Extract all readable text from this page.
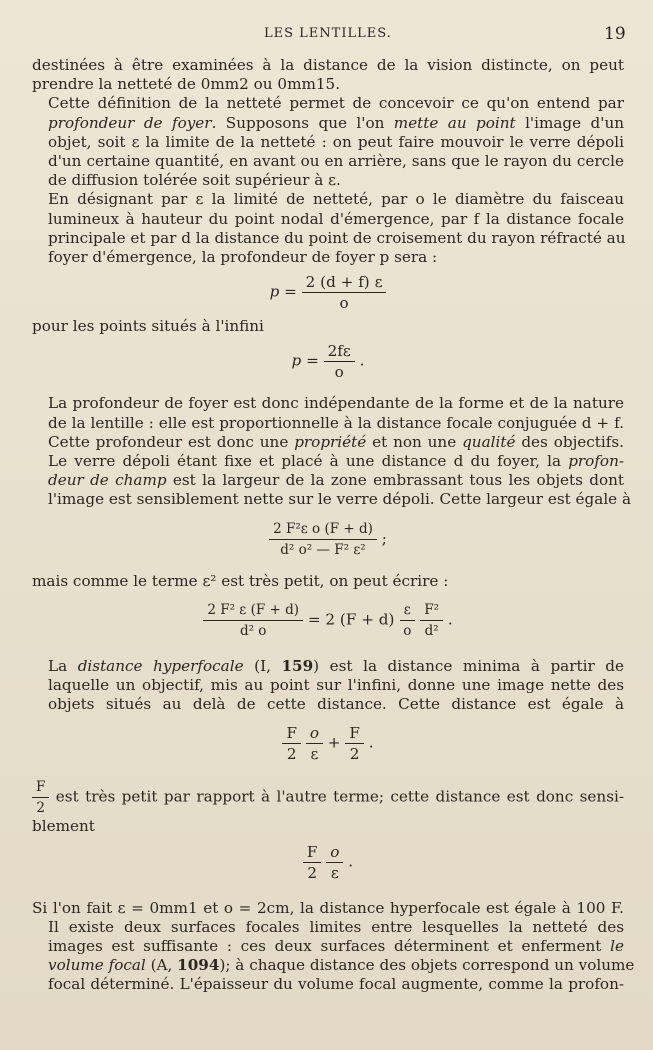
LES LENTILLES.	19

destinées à être examinées à la distance de la vision distincte, on peut
prendre la netteté de 0mm2 ou 0mm15.

Cette définition de la netteté permet de concevoir ce qu'on entend par
profondeur de foyer. Supposons que l'on mette au point l'image d'un
objet, soit ε la limite de la netteté : on peut faire mouvoir le verre dépoli
d'un certaine quantité, en avant ou en arrière, sans que le rayon du cercle
de diffusion tolérée soit supérieur à ε.

En désignant par ε la limité de netteté, par o le diamètre du faisceau
lumineux à hauteur du point nodal d'émergence, par f la distance focale
principale et par d la distance du point de croisement du rayon réfracté au
foyer d'émergence, la profondeur de foyer p sera :

$p = \frac{2 (d + f) \varepsilon}{o}$

pour les points situés à l'infini

$p = \frac{2f\varepsilon}{o}$ .

La profondeur de foyer est donc indépendante de la forme et de la nature
de la lentille : elle est proportionnelle à la distance focale conjuguée d + f.
Cette profondeur est donc une propriété et non une qualité des objectifs.

Le verre dépoli étant fixe et placé à une distance d du foyer, la profon-
deur de champ est la largeur de la zone embrassant tous les objets dont
l'image est sensiblement nette sur le verre dépoli. Cette largeur est égale à

$\frac{\text{2 F²ε o (F + d)}}{\text{d² o² — F² ε²}}$ ;

mais comme le terme ε² est très petit, on peut écrire :

$\frac{\text{2 F² ε (F + d)}}{\text{d² o}} = 2$ $(F + d) \frac{\varepsilon}{o}$
$\frac{\text{F²}}{\text{d²}}$ .

La distance hyperfocale (I, 159) est la distance minima à partir de
laquelle un objectif, mis au point sur l'infini, donne une image nette des
objets situés au delà de cette distance. Cette distance est égale à

$\frac{F}{2}$
$\frac{o}{\varepsilon} + \frac{F}{2}$ .

$\frac{F}{2}$ est très petit par rapport à l'autre terme; cette distance est donc sensi-
blement

$\frac{F}{2}$
$\frac{o}{\varepsilon}$ .

Si l'on fait ε = 0mm1 et o = 2cm, la distance hyperfocale est égale à 100 F.

Il existe deux surfaces focales limites entre lesquelles la netteté des
images est suffisante : ces deux surfaces déterminent et enferment le
volume focal (A, 1094); à chaque distance des objets correspond un volume
focal déterminé. L'épaisseur du volume focal augmente, comme la profon-
